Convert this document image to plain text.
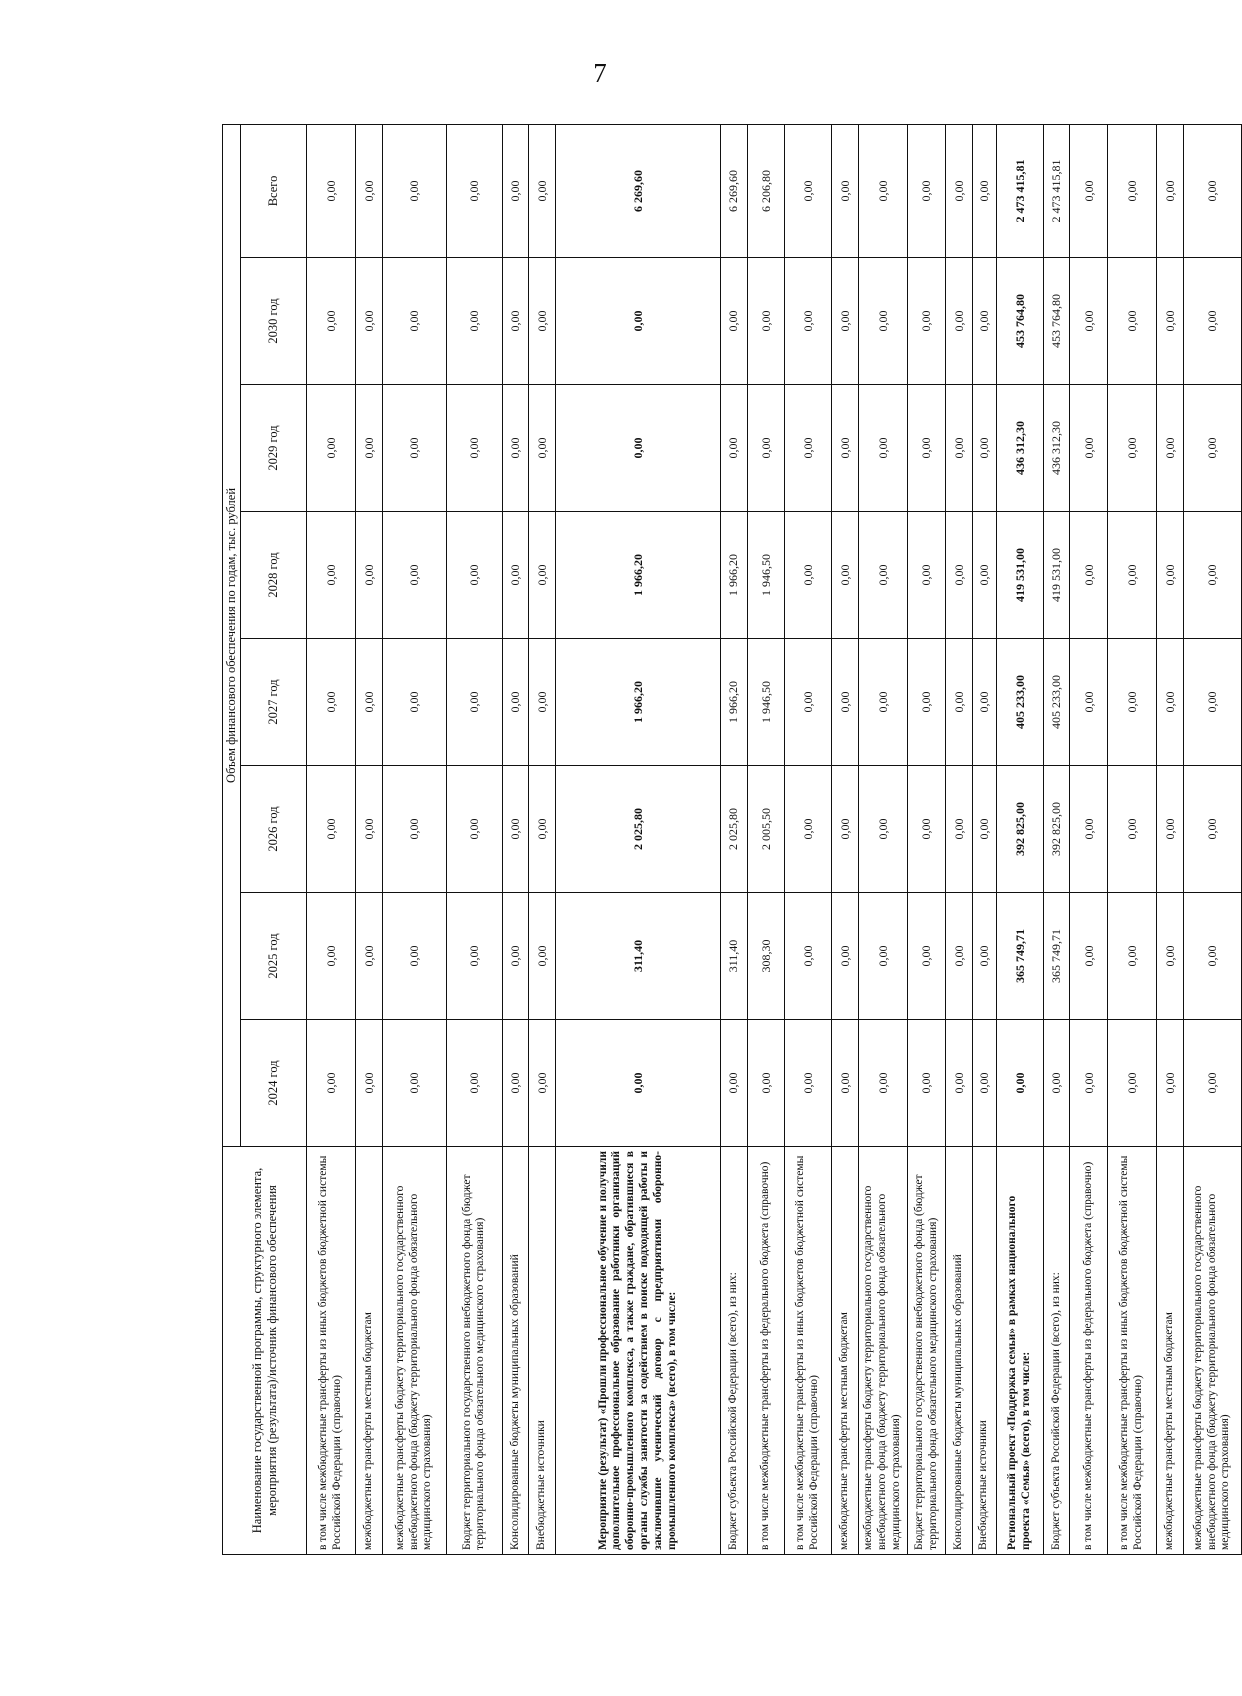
7
Наименование государственной программы, структурного элемента, мероприятия (результата)/источник финансового обеспечения	Объем финансового обеспечения по годам, тыс. рублей							
	2024 год	2025 год	2026 год	2027 год	2028 год	2029 год	2030 год	Всего
в том числе межбюджетные трансферты из иных бюджетов бюджетной системы Российской Федерации (справочно)	0,00	0,00	0,00	0,00	0,00	0,00	0,00	0,00
межбюджетные трансферты местным бюджетам	0,00	0,00	0,00	0,00	0,00	0,00	0,00	0,00
межбюджетные трансферты бюджету территориального государственного внебюджетного фонда (бюджету территориального фонда обязательного медицинского страхования)	0,00	0,00	0,00	0,00	0,00	0,00	0,00	0,00
Бюджет территориального государственного внебюджетного фонда (бюджет территориального фонда обязательного медицинского страхования)	0,00	0,00	0,00	0,00	0,00	0,00	0,00	0,00
Консолидированные бюджеты муниципальных образований	0,00	0,00	0,00	0,00	0,00	0,00	0,00	0,00
Внебюджетные источники	0,00	0,00	0,00	0,00	0,00	0,00	0,00	0,00
Мероприятие (результат) «Прошли профессиональное обучение и получили дополнительное профессиональное образование работники организаций оборонно-промышленного комплекса, а также граждане, обратившиеся в органы службы занятости за содействием в поиске подходящей работы и заключившие ученический договор с предприятиями оборонно-промышленного комплекса» (всего), в том числе:	0,00	311,40	2 025,80	1 966,20	1 966,20	0,00	0,00	6 269,60
Бюджет субъекта Российской Федерации (всего), из них:	0,00	311,40	2 025,80	1 966,20	1 966,20	0,00	0,00	6 269,60
в том числе межбюджетные трансферты из федерального бюджета (справочно)	0,00	308,30	2 005,50	1 946,50	1 946,50	0,00	0,00	6 206,80
в том числе межбюджетные трансферты из иных бюджетов бюджетной системы Российской Федерации (справочно)	0,00	0,00	0,00	0,00	0,00	0,00	0,00	0,00
межбюджетные трансферты местным бюджетам	0,00	0,00	0,00	0,00	0,00	0,00	0,00	0,00
межбюджетные трансферты бюджету территориального государственного внебюджетного фонда (бюджету территориального фонда обязательного медицинского страхования)	0,00	0,00	0,00	0,00	0,00	0,00	0,00	0,00
Бюджет территориального государственного внебюджетного фонда (бюджет территориального фонда обязательного медицинского страхования)	0,00	0,00	0,00	0,00	0,00	0,00	0,00	0,00
Консолидированные бюджеты муниципальных образований	0,00	0,00	0,00	0,00	0,00	0,00	0,00	0,00
Внебюджетные источники	0,00	0,00	0,00	0,00	0,00	0,00	0,00	0,00
Региональный проект «Поддержка семьи» в рамках национального проекта «Семья» (всего), в том числе:	0,00	365 749,71	392 825,00	405 233,00	419 531,00	436 312,30	453 764,80	2 473 415,81
Бюджет субъекта Российской Федерации (всего), из них:	0,00	365 749,71	392 825,00	405 233,00	419 531,00	436 312,30	453 764,80	2 473 415,81
в том числе межбюджетные трансферты из федерального бюджета (справочно)	0,00	0,00	0,00	0,00	0,00	0,00	0,00	0,00
в том числе межбюджетные трансферты из иных бюджетов бюджетной системы Российской Федерации (справочно)	0,00	0,00	0,00	0,00	0,00	0,00	0,00	0,00
межбюджетные трансферты местным бюджетам	0,00	0,00	0,00	0,00	0,00	0,00	0,00	0,00
межбюджетные трансферты бюджету территориального государственного внебюджетного фонда (бюджету территориального фонда обязательного медицинского страхования)	0,00	0,00	0,00	0,00	0,00	0,00	0,00	0,00
